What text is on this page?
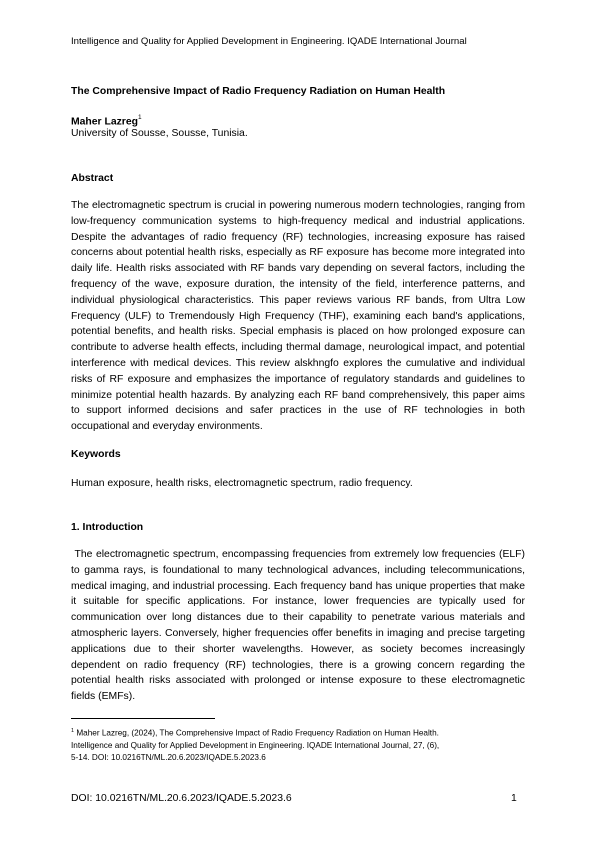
Intelligence and Quality for Applied Development in Engineering. IQADE International Journal
The Comprehensive Impact of Radio Frequency Radiation on Human Health
Maher Lazreg$^1$
University of Sousse, Sousse, Tunisia.
Abstract
The electromagnetic spectrum is crucial in powering numerous modern technologies, ranging from low-frequency communication systems to high-frequency medical and industrial applications. Despite the advantages of radio frequency (RF) technologies, increasing exposure has raised concerns about potential health risks, especially as RF exposure has become more integrated into daily life. Health risks associated with RF bands vary depending on several factors, including the frequency of the wave, exposure duration, the intensity of the field, interference patterns, and individual physiological characteristics. This paper reviews various RF bands, from Ultra Low Frequency (ULF) to Tremendously High Frequency (THF), examining each band's applications, potential benefits, and health risks. Special emphasis is placed on how prolonged exposure can contribute to adverse health effects, including thermal damage, neurological impact, and potential interference with medical devices. This review alskhngfo explores the cumulative and individual risks of RF exposure and emphasizes the importance of regulatory standards and guidelines to minimize potential health hazards. By analyzing each RF band comprehensively, this paper aims to support informed decisions and safer practices in the use of RF technologies in both occupational and everyday environments.
Keywords
Human exposure, health risks, electromagnetic spectrum, radio frequency.
1. Introduction
The electromagnetic spectrum, encompassing frequencies from extremely low frequencies (ELF) to gamma rays, is foundational to many technological advances, including telecommunications, medical imaging, and industrial processing. Each frequency band has unique properties that make it suitable for specific applications. For instance, lower frequencies are typically used for communication over long distances due to their capability to penetrate various materials and atmospheric layers. Conversely, higher frequencies offer benefits in imaging and precise targeting applications due to their shorter wavelengths. However, as society becomes increasingly dependent on radio frequency (RF) technologies, there is a growing concern regarding the potential health risks associated with prolonged or intense exposure to these electromagnetic fields (EMFs).
$^1$ Maher Lazreg, (2024), The Comprehensive Impact of Radio Frequency Radiation on Human Health.
Intelligence and Quality for Applied Development in Engineering. IQADE International Journal, 27, (6),
5-14. DOI: 10.0216TN/ML.20.6.2023/IQADE.5.2023.6
DOI: 10.0216TN/ML.20.6.2023/IQADE.5.2023.6	1
